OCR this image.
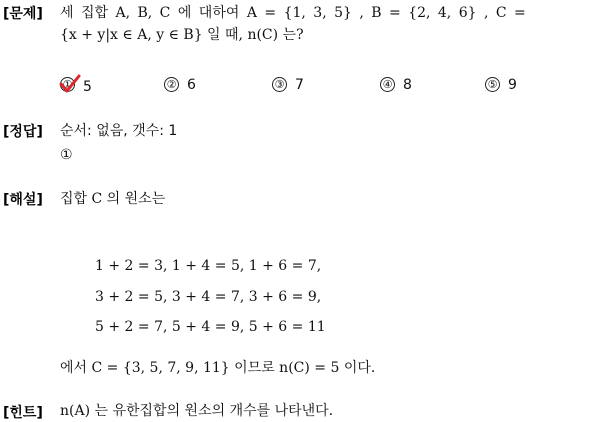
[문제] 세 집합 A, B, C 에 대하여 A = {1, 3, 5} , B = {2, 4, 6} , C =
{x + y|x ∈ A, y ∈ B} 일 때, n(C) 는?
① 5	② 6	③ 7	④ 8	⑤ 9
[정답] 순서: 없음, 갯수: 1
①
[해설] 집합 C 의 원소는
1 + 2 = 3, 1 + 4 = 5, 1 + 6 = 7,
3 + 2 = 5, 3 + 4 = 7, 3 + 6 = 9,
5 + 2 = 7, 5 + 4 = 9, 5 + 6 = 11
에서 C = {3, 5, 7, 9, 11} 이므로 n(C) = 5 이다.
[힌트] n(A) 는 유한집합의 원소의 개수를 나타낸다.
